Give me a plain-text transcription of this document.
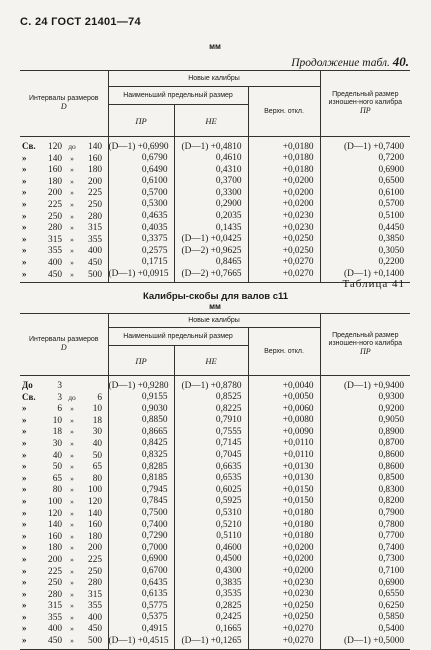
С. 24 ГОСТ 21401—74
Продолжение табл. 40.
мм
Интервалы размеров
D	Новые калибры			Предельный размер изношен-ного калибра
ПР
	Наименьший предельный размер		Верхн. откл.	
	ПР	НЕ		
Св. 120 до 140	(D—1) +0,6990	(D—1) +0,4810	+0,0180	(D—1) +0,7400
» 140 » 160	0,6790	0,4610	+0,0180	0,7200
» 160 » 180	0,6490	0,4310	+0,0180	0,6900
» 180 » 200	0,6100	0,3700	+0,0200	0,6500
» 200 » 225	0,5700	0,3300	+0,0200	0,6100
» 225 » 250	0,5300	0,2900	+0,0200	0,5700
» 250 » 280	0,4635	0,2035	+0,0230	0,5100
» 280 » 315	0,4035	0,1435	+0,0230	0,4450
» 315 » 355	0,3375	(D—1) +0,0425	+0,0250	0,3850
» 355 » 400	0,2575	(D—2) +0,9625	+0,0250	0,3050
» 400 » 450	0,1715	0,8465	+0,0270	0,2200
» 450 » 500	(D—1) +0,0915	(D—2) +0,7665	+0,0270	(D—1) +0,1400
Таблица 41
Калибры-скобы для валов c11
мм
Интервалы размеров
D	Новые калибры			Предельный размер изношен-ного калибра
ПР
	Наименьший предельный размер		Верхн. откл.	
	ПР	НЕ		
До 3	(D—1) +0,9280	(D—1) +0,8780	+0,0040	(D—1) +0,9400
Св. 3 до 6	0,9155	0,8525	+0,0050	0,9300
» 6 » 10	0,9030	0,8225	+0,0060	0,9200
» 10 » 18	0,8850	0,7910	+0,0080	0,9050
» 18 » 30	0,8665	0,7555	+0,0090	0,8900
» 30 » 40	0,8425	0,7145	+0,0110	0,8700
» 40 » 50	0,8325	0,7045	+0,0110	0,8600
» 50 » 65	0,8285	0,6635	+0,0130	0,8600
» 65 » 80	0,8185	0,6535	+0,0130	0,8500
» 80 » 100	0,7945	0,6025	+0,0150	0,8300
» 100 » 120	0,7845	0,5925	+0,0150	0,8200
» 120 » 140	0,7500	0,5310	+0,0180	0,7900
» 140 » 160	0,7400	0,5210	+0,0180	0,7800
» 160 » 180	0,7290	0,5110	+0,0180	0,7700
» 180 » 200	0,7000	0,4600	+0,0200	0,7400
» 200 » 225	0,6900	0,4500	+0,0200	0,7300
» 225 » 250	0,6700	0,4300	+0,0200	0,7100
» 250 » 280	0,6435	0,3835	+0,0230	0,6900
» 280 » 315	0,6135	0,3535	+0,0230	0,6550
» 315 » 355	0,5775	0,2825	+0,0250	0,6250
» 355 » 400	0,5375	0,2425	+0,0250	0,5850
» 400 » 450	0,4915	0,1665	+0,0270	0,5400
» 450 » 500	(D—1) +0,4515	(D—1) +0,1265	+0,0270	(D—1) +0,5000
